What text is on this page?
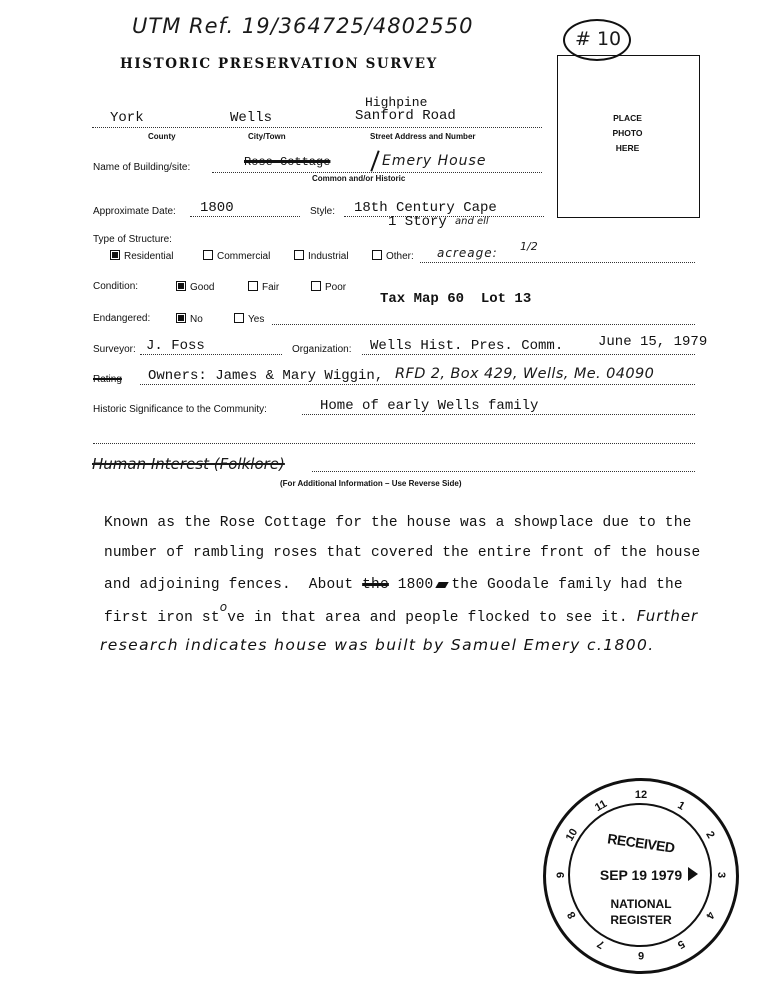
UTM Ref. 19/364725/4802550
HISTORIC PRESERVATION SURVEY
# 10
PLACE
PHOTO
HERE
York	Wells
Highpine
Sanford Road
County	City/Town	Street Address and Number
Name of Building/site:	Rose Cottage	Emery House
Common and/or Historic
Approximate Date: 1800	Style: 18th Century Cape
1 Story and ell
Type of Structure:
Residential	Commercial	Industrial	Other: acreage: 1/2
Condition:	Good	Fair	Poor
Tax Map 60  Lot 13
Endangered:	No	Yes
Surveyor: J. Foss	Organization: Wells Hist. Pres. Comm. June 15, 1979
Rating Owners: James & Mary Wiggin, RFD 2, Box 429, Wells, Me. 04090
Historic Significance to the Community:	Home of early Wells family
Human Interest (Folklore)
(For Additional Information – Use Reverse Side)
Known as the Rose Cottage for the house was a showplace due to the
number of rambling roses that covered the entire front of the house
and adjoining fences.  About the 1800 the Goodale family had the
first iron $st^ove$ in that area and people flocked to see it. Further
research indicates house was built by Samuel Emery c.1800.
1
2
3
4
5
6
7
8
9
10
11
12
RECEIVED
SEP 19 1979
NATIONAL
REGISTER
